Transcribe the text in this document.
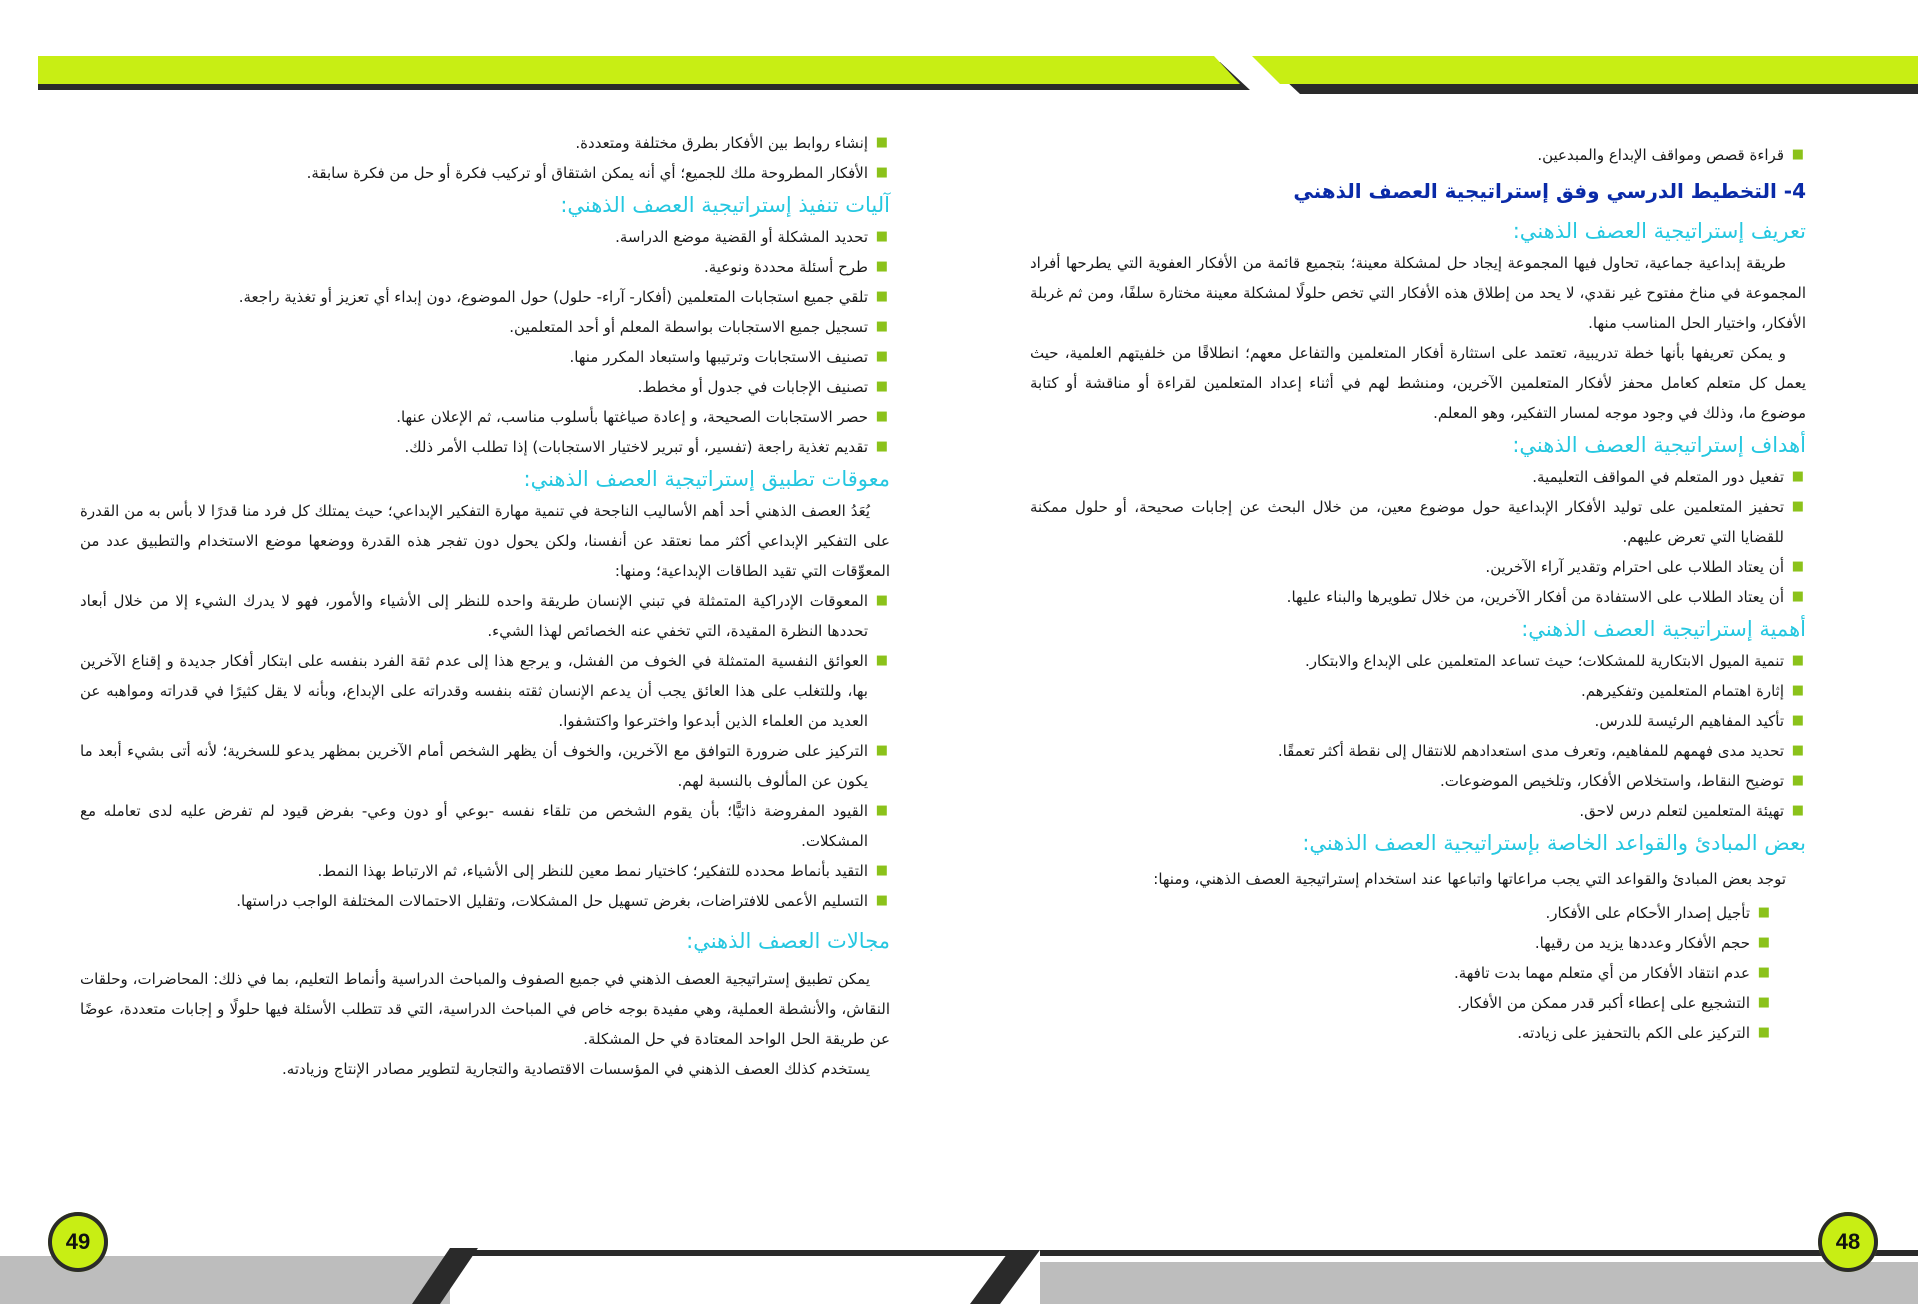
49	48
■
إنشاء روابط بين الأفكار بطرق مختلفة ومتعددة.
■
الأفكار المطروحة ملك للجميع؛ أي أنه يمكن اشتقاق أو تركيب فكرة أو حل من فكرة سابقة.
آليات تنفيذ إستراتيجية العصف الذهني:
■
تحديد المشكلة أو القضية موضع الدراسة.
■
طرح أسئلة محددة ونوعية.
■
تلقي جميع استجابات المتعلمين (أفكار- آراء- حلول) حول الموضوع، دون إبداء أي تعزيز أو تغذية راجعة.
■
تسجيل جميع الاستجابات بواسطة المعلم أو أحد المتعلمين.
■
تصنيف الاستجابات وترتيبها واستبعاد المكرر منها.
■
تصنيف الإجابات في جدول أو مخطط.
■
حصر الاستجابات الصحيحة، و إعادة صياغتها بأسلوب مناسب، ثم الإعلان عنها.
■
تقديم تغذية راجعة (تفسير، أو تبرير لاختيار الاستجابات) إذا تطلب الأمر ذلك.
معوقات تطبيق إستراتيجية العصف الذهني:

يُعَدُ العصف الذهني أحد أهم الأساليب الناجحة في تنمية مهارة التفكير الإبداعي؛ حيث يمتلك كل فرد منا قدرًا لا بأس به من القدرة على التفكير الإبداعي أكثر مما نعتقد عن أنفسنا، ولكن يحول دون تفجر هذه القدرة ووضعها موضع الاستخدام والتطبيق عدد من المعوِّقات التي تقيد الطاقات الإبداعية؛ ومنها:

■
المعوقات الإدراكية المتمثلة في تبني الإنسان طريقة واحده للنظر إلى الأشياء والأمور، فهو لا يدرك الشيء إلا من خلال أبعاد تحددها النظرة المقيدة، التي تخفي عنه الخصائص لهذا الشيء.
■
العوائق النفسية المتمثلة في الخوف من الفشل، و يرجع هذا إلى عدم ثقة الفرد بنفسه على ابتكار أفكار جديدة و إقناع الآخرين بها، وللتغلب على هذا العائق يجب أن يدعم الإنسان ثقته بنفسه وقدراته على الإبداع، وبأنه لا يقل كثيرًا في قدراته ومواهبه عن العديد من العلماء الذين أبدعوا واخترعوا واكتشفوا.
■
التركيز على ضرورة التوافق مع الآخرين، والخوف أن يظهر الشخص أمام الآخرين بمظهر يدعو للسخرية؛ لأنه أتى بشيء أبعد ما يكون عن المألوف بالنسبة لهم.
■
القيود المفروضة ذاتيًّا؛ بأن يقوم الشخص من تلقاء نفسه -بوعي أو دون وعي- بفرض قيود لم تفرض عليه لدى تعامله مع المشكلات.
■
التقيد بأنماط محدده للتفكير؛ كاختيار نمط معين للنظر إلى الأشياء، ثم الارتباط بهذا النمط.
■
التسليم الأعمى للافتراضات، بغرض تسهيل حل المشكلات، وتقليل الاحتمالات المختلفة الواجب دراستها.
مجالات العصف الذهني:

يمكن تطبيق إستراتيجية العصف الذهني في جميع الصفوف والمباحث الدراسية وأنماط التعليم، بما في ذلك: المحاضرات، وحلقات النقاش، والأنشطة العملية، وهي مفيدة بوجه خاص في المباحث الدراسية، التي قد تتطلب الأسئلة فيها حلولًا و إجابات متعددة، عوضًا عن طريقة الحل الواحد المعتادة في حل المشكلة.

يستخدم كذلك العصف الذهني في المؤسسات الاقتصادية والتجارية لتطوير مصادر الإنتاج وزيادته.

■
قراءة قصص ومواقف الإبداع والمبدعين.
4- التخطيط الدرسي وفق إستراتيجية العصف الذهني
تعريف إستراتيجية العصف الذهني:

طريقة إبداعية جماعية، تحاول فيها المجموعة إيجاد حل لمشكلة معينة؛ بتجميع قائمة من الأفكار العفوية التي يطرحها أفراد المجموعة في مناخ مفتوح غير نقدي، لا يحد من إطلاق هذه الأفكار التي تخص حلولًا لمشكلة معينة مختارة سلفًا، ومن ثم غربلة الأفكار، واختيار الحل المناسب منها.

و يمكن تعريفها بأنها خطة تدريبية، تعتمد على استثارة أفكار المتعلمين والتفاعل معهم؛ انطلاقًا من خلفيتهم العلمية، حيث يعمل كل متعلم كعامل محفز لأفكار المتعلمين الآخرين، ومنشط لهم في أثناء إعداد المتعلمين لقراءة أو مناقشة أو كتابة موضوع ما، وذلك في وجود موجه لمسار التفكير، وهو المعلم.

أهداف إستراتيجية العصف الذهني:
■
تفعيل دور المتعلم في المواقف التعليمية.
■
تحفيز المتعلمين على توليد الأفكار الإبداعية حول موضوع معين، من خلال البحث عن إجابات صحيحة، أو حلول ممكنة للقضايا التي تعرض عليهم.
■
أن يعتاد الطلاب على احترام وتقدير آراء الآخرين.
■
أن يعتاد الطلاب على الاستفادة من أفكار الآخرين، من خلال تطويرها والبناء عليها.
أهمية إستراتيجية العصف الذهني:
■
تنمية الميول الابتكارية للمشكلات؛ حيث تساعد المتعلمين على الإبداع والابتكار.
■
إثارة اهتمام المتعلمين وتفكيرهم.
■
تأكيد المفاهيم الرئيسة للدرس.
■
تحديد مدى فهمهم للمفاهيم، وتعرف مدى استعدادهم للانتقال إلى نقطة أكثر تعمقًا.
■
توضيح النقاط، واستخلاص الأفكار، وتلخيص الموضوعات.
■
تهيئة المتعلمين لتعلم درس لاحق.
بعض المبادئ والقواعد الخاصة بإستراتيجية العصف الذهني:

توجد بعض المبادئ والقواعد التي يجب مراعاتها واتباعها عند استخدام إستراتيجية العصف الذهني، ومنها:

■
تأجيل إصدار الأحكام على الأفكار.
■
حجم الأفكار وعددها يزيد من رقيها.
■
عدم انتقاد الأفكار من أي متعلم مهما بدت تافهة.
■
التشجيع على إعطاء أكبر قدر ممكن من الأفكار.
■
التركيز على الكم بالتحفيز على زيادته.
